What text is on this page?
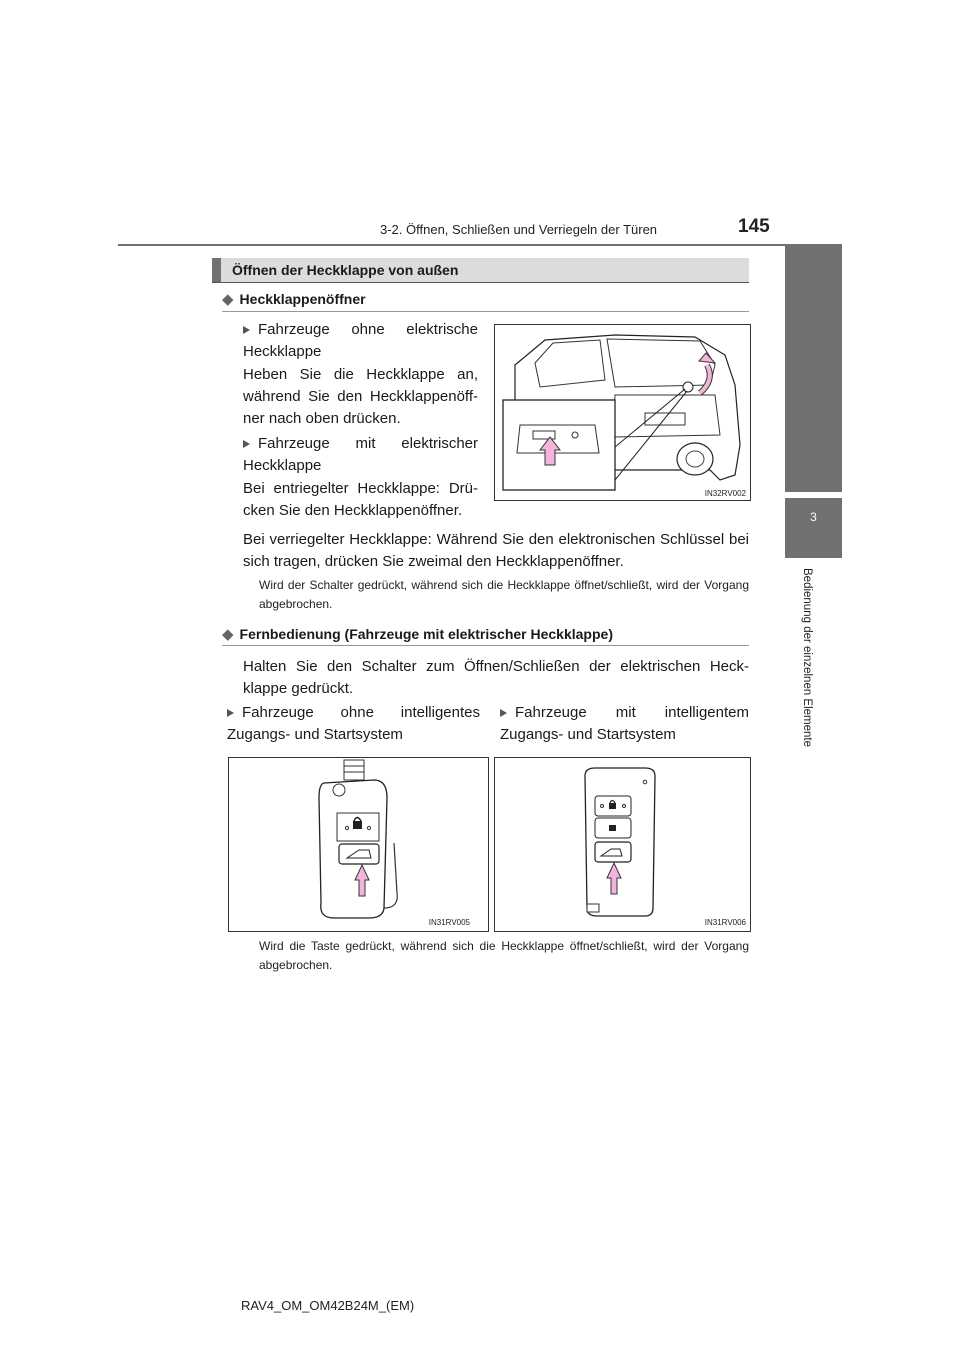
3-2. Öffnen, Schließen und Verriegeln der Türen	145
3
Bedienung der einzelnen Elemente
Öffnen der Heckklappe von außen
◆ Heckklappenöffner
Fahrzeuge ohne elektrische Heckklappe
Heben Sie die Heckklappe an, während Sie den Heckklappenöff-ner nach oben drücken.
Fahrzeuge mit elektrischer Heckklappe
Bei entriegelter Heckklappe: Drü-cken Sie den Heckklappenöffner.
IN32RV002
Bei verriegelter Heckklappe: Während Sie den elektronischen Schlüssel bei sich tragen, drücken Sie zweimal den Heckklappenöffner.
Wird der Schalter gedrückt, während sich die Heckklappe öffnet/schließt, wird der Vorgang abgebrochen.
◆ Fernbedienung (Fahrzeuge mit elektrischer Heckklappe)
Halten Sie den Schalter zum Öffnen/Schließen der elektrischen Heck-klappe gedrückt.
Fahrzeuge ohne intelligentes Zugangs- und Startsystem
Fahrzeuge mit intelligentem Zugangs- und Startsystem
IN31RV005	IN31RV006
Wird die Taste gedrückt, während sich die Heckklappe öffnet/schließt, wird der Vorgang abgebrochen.
RAV4_OM_OM42B24M_(EM)
